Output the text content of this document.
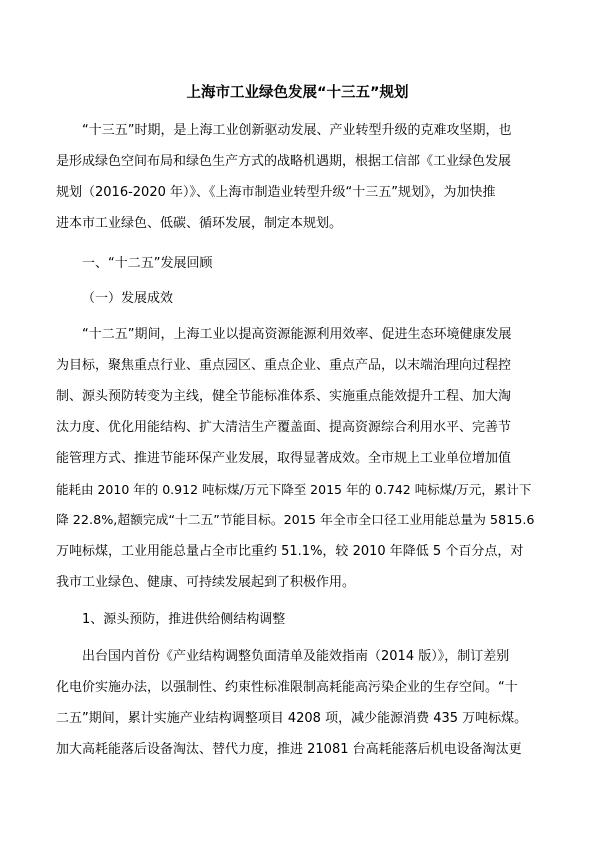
上海市工业绿色发展“十三五”规划
“十三五”时期，是上海工业创新驱动发展、产业转型升级的克难攻坚期，也
是形成绿色空间布局和绿色生产方式的战略机遇期，根据工信部《工业绿色发展
规划（2016-2020 年）》、《上海市制造业转型升级“十三五”规划》，为加快推
进本市工业绿色、低碳、循环发展，制定本规划。
一、“十二五”发展回顾
（一）发展成效
“十二五”期间，上海工业以提高资源能源利用效率、促进生态环境健康发展
为目标，聚焦重点行业、重点园区、重点企业、重点产品，以末端治理向过程控
制、源头预防转变为主线，健全节能标准体系、实施重点能效提升工程、加大淘
汰力度、优化用能结构、扩大清洁生产覆盖面、提高资源综合利用水平、完善节
能管理方式、推进节能环保产业发展，取得显著成效。全市规上工业单位增加值
能耗由 2010 年的 0.912 吨标煤/万元下降至 2015 年的 0.742 吨标煤/万元，累计下
降 22.8%,超额完成“十二五”节能目标。2015 年全市全口径工业用能总量为 5815.6
万吨标煤，工业用能总量占全市比重约 51.1%，较 2010 年降低 5 个百分点，对
我市工业绿色、健康、可持续发展起到了积极作用。
1、源头预防，推进供给侧结构调整
出台国内首份《产业结构调整负面清单及能效指南（2014 版）》，制订差别
化电价实施办法，以强制性、约束性标准限制高耗能高污染企业的生存空间。“十
二五”期间，累计实施产业结构调整项目 4208 项，减少能源消费 435 万吨标煤。
加大高耗能落后设备淘汰、替代力度，推进 21081 台高耗能落后机电设备淘汰更
